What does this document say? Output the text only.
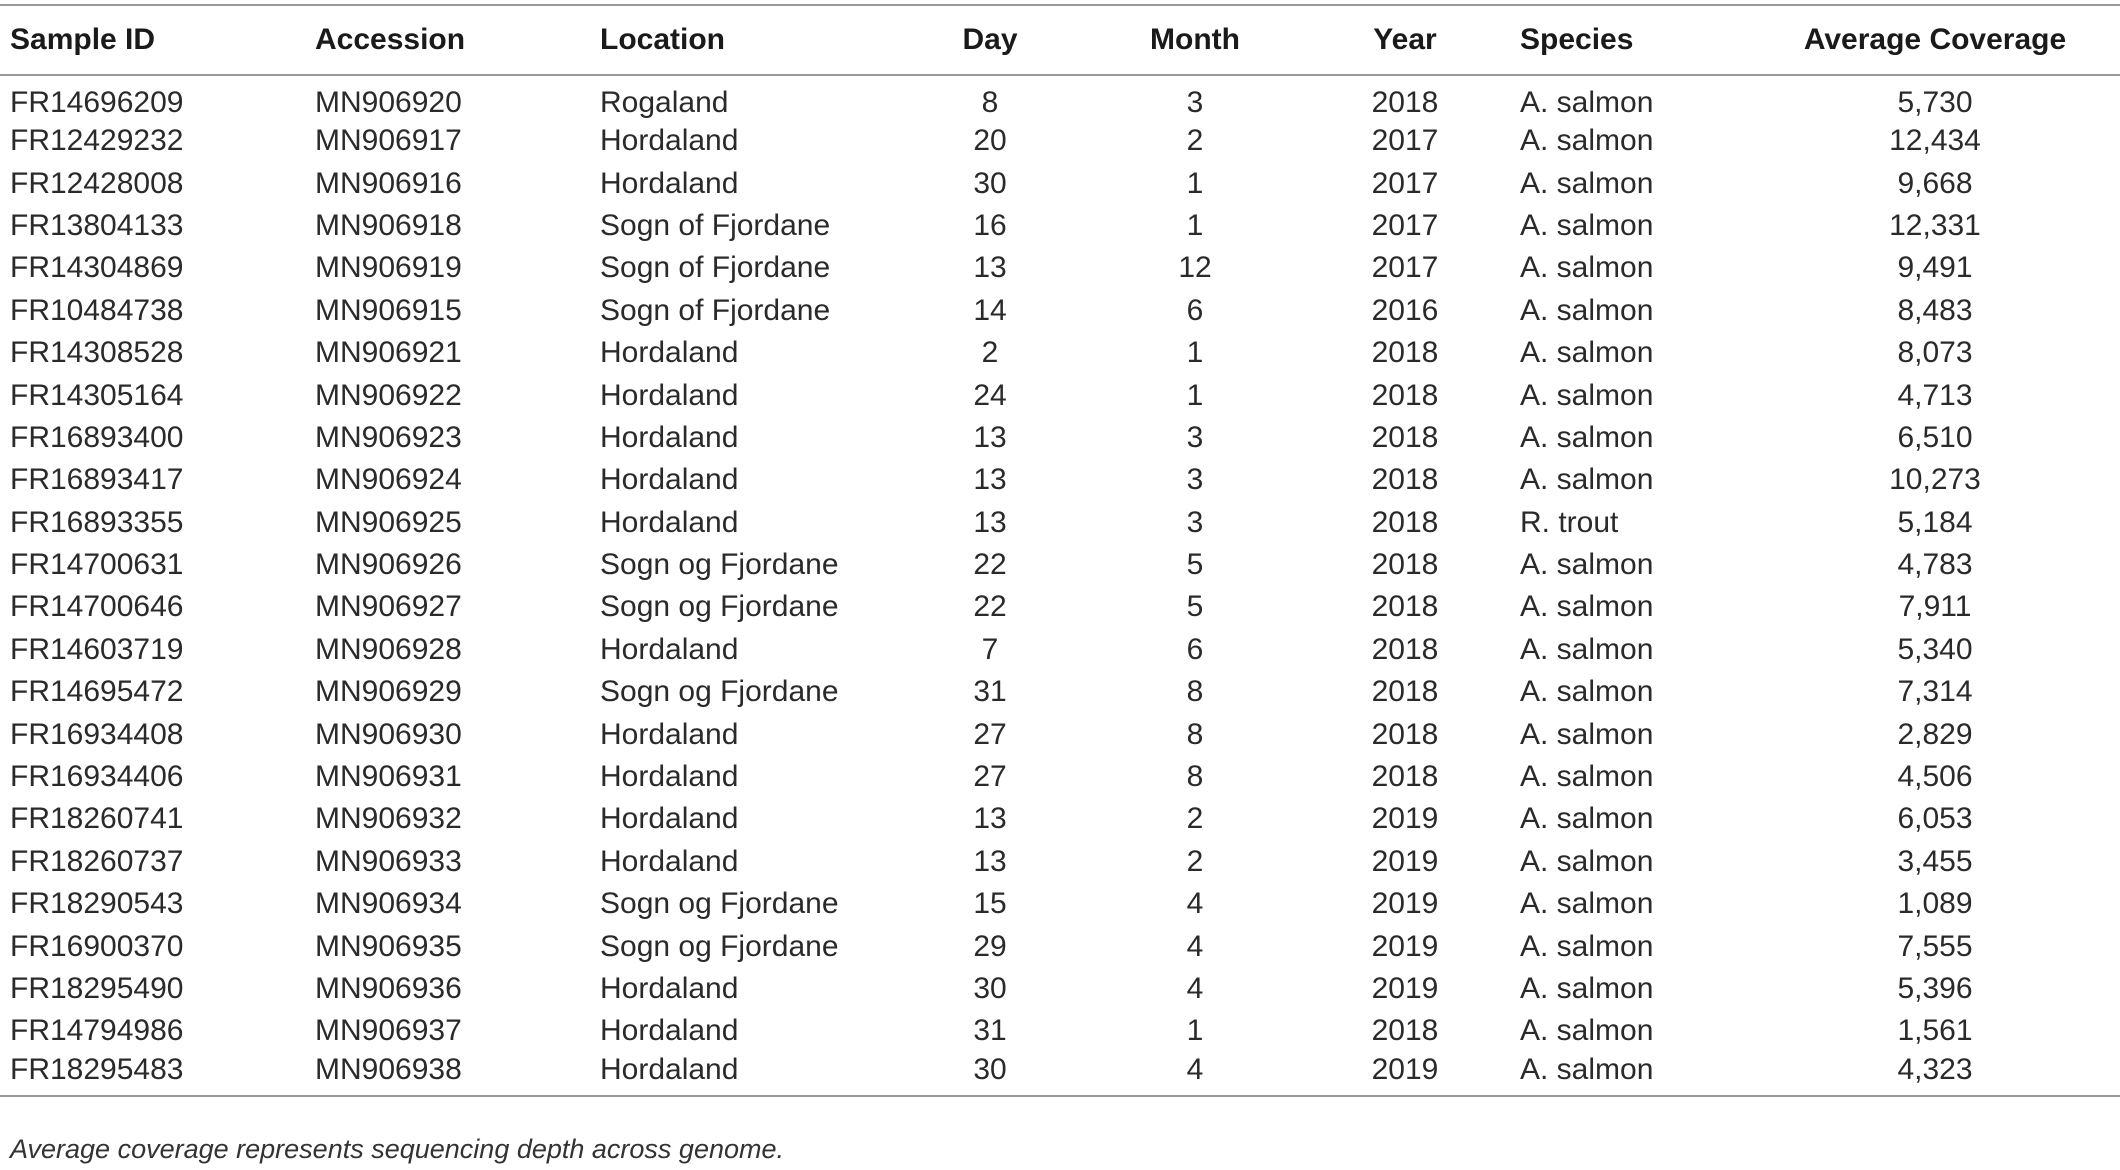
Sample ID	Accession	Location	Day	Month	Year	Species	Average Coverage
FR14696209	MN906920	Rogaland	8	3	2018	A. salmon	5,730
FR12429232	MN906917	Hordaland	20	2	2017	A. salmon	12,434
FR12428008	MN906916	Hordaland	30	1	2017	A. salmon	9,668
FR13804133	MN906918	Sogn of Fjordane	16	1	2017	A. salmon	12,331
FR14304869	MN906919	Sogn of Fjordane	13	12	2017	A. salmon	9,491
FR10484738	MN906915	Sogn of Fjordane	14	6	2016	A. salmon	8,483
FR14308528	MN906921	Hordaland	2	1	2018	A. salmon	8,073
FR14305164	MN906922	Hordaland	24	1	2018	A. salmon	4,713
FR16893400	MN906923	Hordaland	13	3	2018	A. salmon	6,510
FR16893417	MN906924	Hordaland	13	3	2018	A. salmon	10,273
FR16893355	MN906925	Hordaland	13	3	2018	R. trout	5,184
FR14700631	MN906926	Sogn og Fjordane	22	5	2018	A. salmon	4,783
FR14700646	MN906927	Sogn og Fjordane	22	5	2018	A. salmon	7,911
FR14603719	MN906928	Hordaland	7	6	2018	A. salmon	5,340
FR14695472	MN906929	Sogn og Fjordane	31	8	2018	A. salmon	7,314
FR16934408	MN906930	Hordaland	27	8	2018	A. salmon	2,829
FR16934406	MN906931	Hordaland	27	8	2018	A. salmon	4,506
FR18260741	MN906932	Hordaland	13	2	2019	A. salmon	6,053
FR18260737	MN906933	Hordaland	13	2	2019	A. salmon	3,455
FR18290543	MN906934	Sogn og Fjordane	15	4	2019	A. salmon	1,089
FR16900370	MN906935	Sogn og Fjordane	29	4	2019	A. salmon	7,555
FR18295490	MN906936	Hordaland	30	4	2019	A. salmon	5,396
FR14794986	MN906937	Hordaland	31	1	2018	A. salmon	1,561
FR18295483	MN906938	Hordaland	30	4	2019	A. salmon	4,323
Average coverage represents sequencing depth across genome.
